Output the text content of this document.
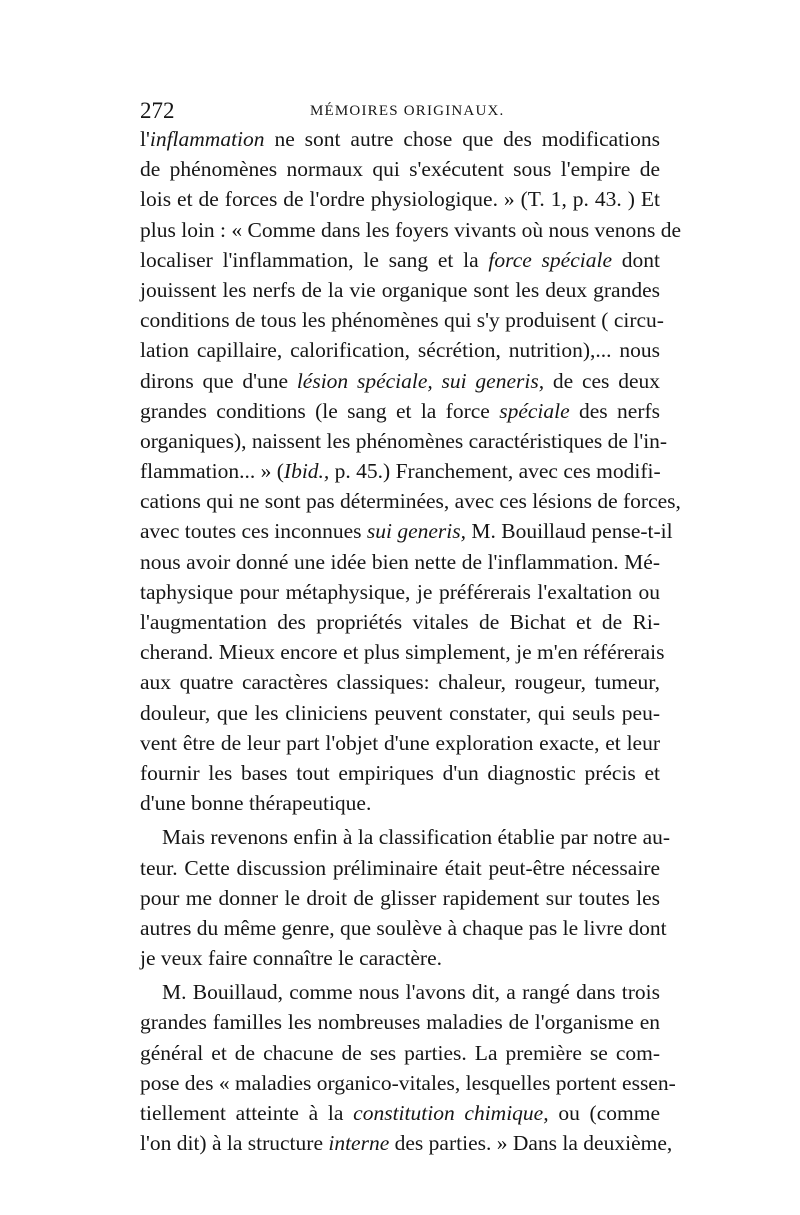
272	MÉMOIRES ORIGINAUX.
l'inflammation ne sont autre chose que des modifications
de phénomènes normaux qui s'exécutent sous l'empire de
lois et de forces de l'ordre physiologique. » (T. 1, p. 43. ) Et
plus loin : « Comme dans les foyers vivants où nous venons de
localiser l'inflammation, le sang et la force spéciale dont
jouissent les nerfs de la vie organique sont les deux grandes
conditions de tous les phénomènes qui s'y produisent ( circu-
lation capillaire, calorification, sécrétion, nutrition),... nous
dirons que d'une lésion spéciale, sui generis, de ces deux
grandes conditions (le sang et la force spéciale des nerfs
organiques), naissent les phénomènes caractéristiques de l'in-
flammation... » (Ibid., p. 45.) Franchement, avec ces modifi-
cations qui ne sont pas déterminées, avec ces lésions de forces,
avec toutes ces inconnues sui generis, M. Bouillaud pense-t-il
nous avoir donné une idée bien nette de l'inflammation. Mé-
taphysique pour métaphysique, je préférerais l'exaltation ou
l'augmentation des propriétés vitales de Bichat et de Ri-
cherand. Mieux encore et plus simplement, je m'en référerais
aux quatre caractères classiques: chaleur, rougeur, tumeur,
douleur, que les cliniciens peuvent constater, qui seuls peu-
vent être de leur part l'objet d'une exploration exacte, et leur
fournir les bases tout empiriques d'un diagnostic précis et
d'une bonne thérapeutique.
Mais revenons enfin à la classification établie par notre au-
teur. Cette discussion préliminaire était peut-être nécessaire
pour me donner le droit de glisser rapidement sur toutes les
autres du même genre, que soulève à chaque pas le livre dont
je veux faire connaître le caractère.
M. Bouillaud, comme nous l'avons dit, a rangé dans trois
grandes familles les nombreuses maladies de l'organisme en
général et de chacune de ses parties. La première se com-
pose des « maladies organico-vitales, lesquelles portent essen-
tiellement atteinte à la constitution chimique, ou (comme
l'on dit) à la structure interne des parties. » Dans la deuxième,
